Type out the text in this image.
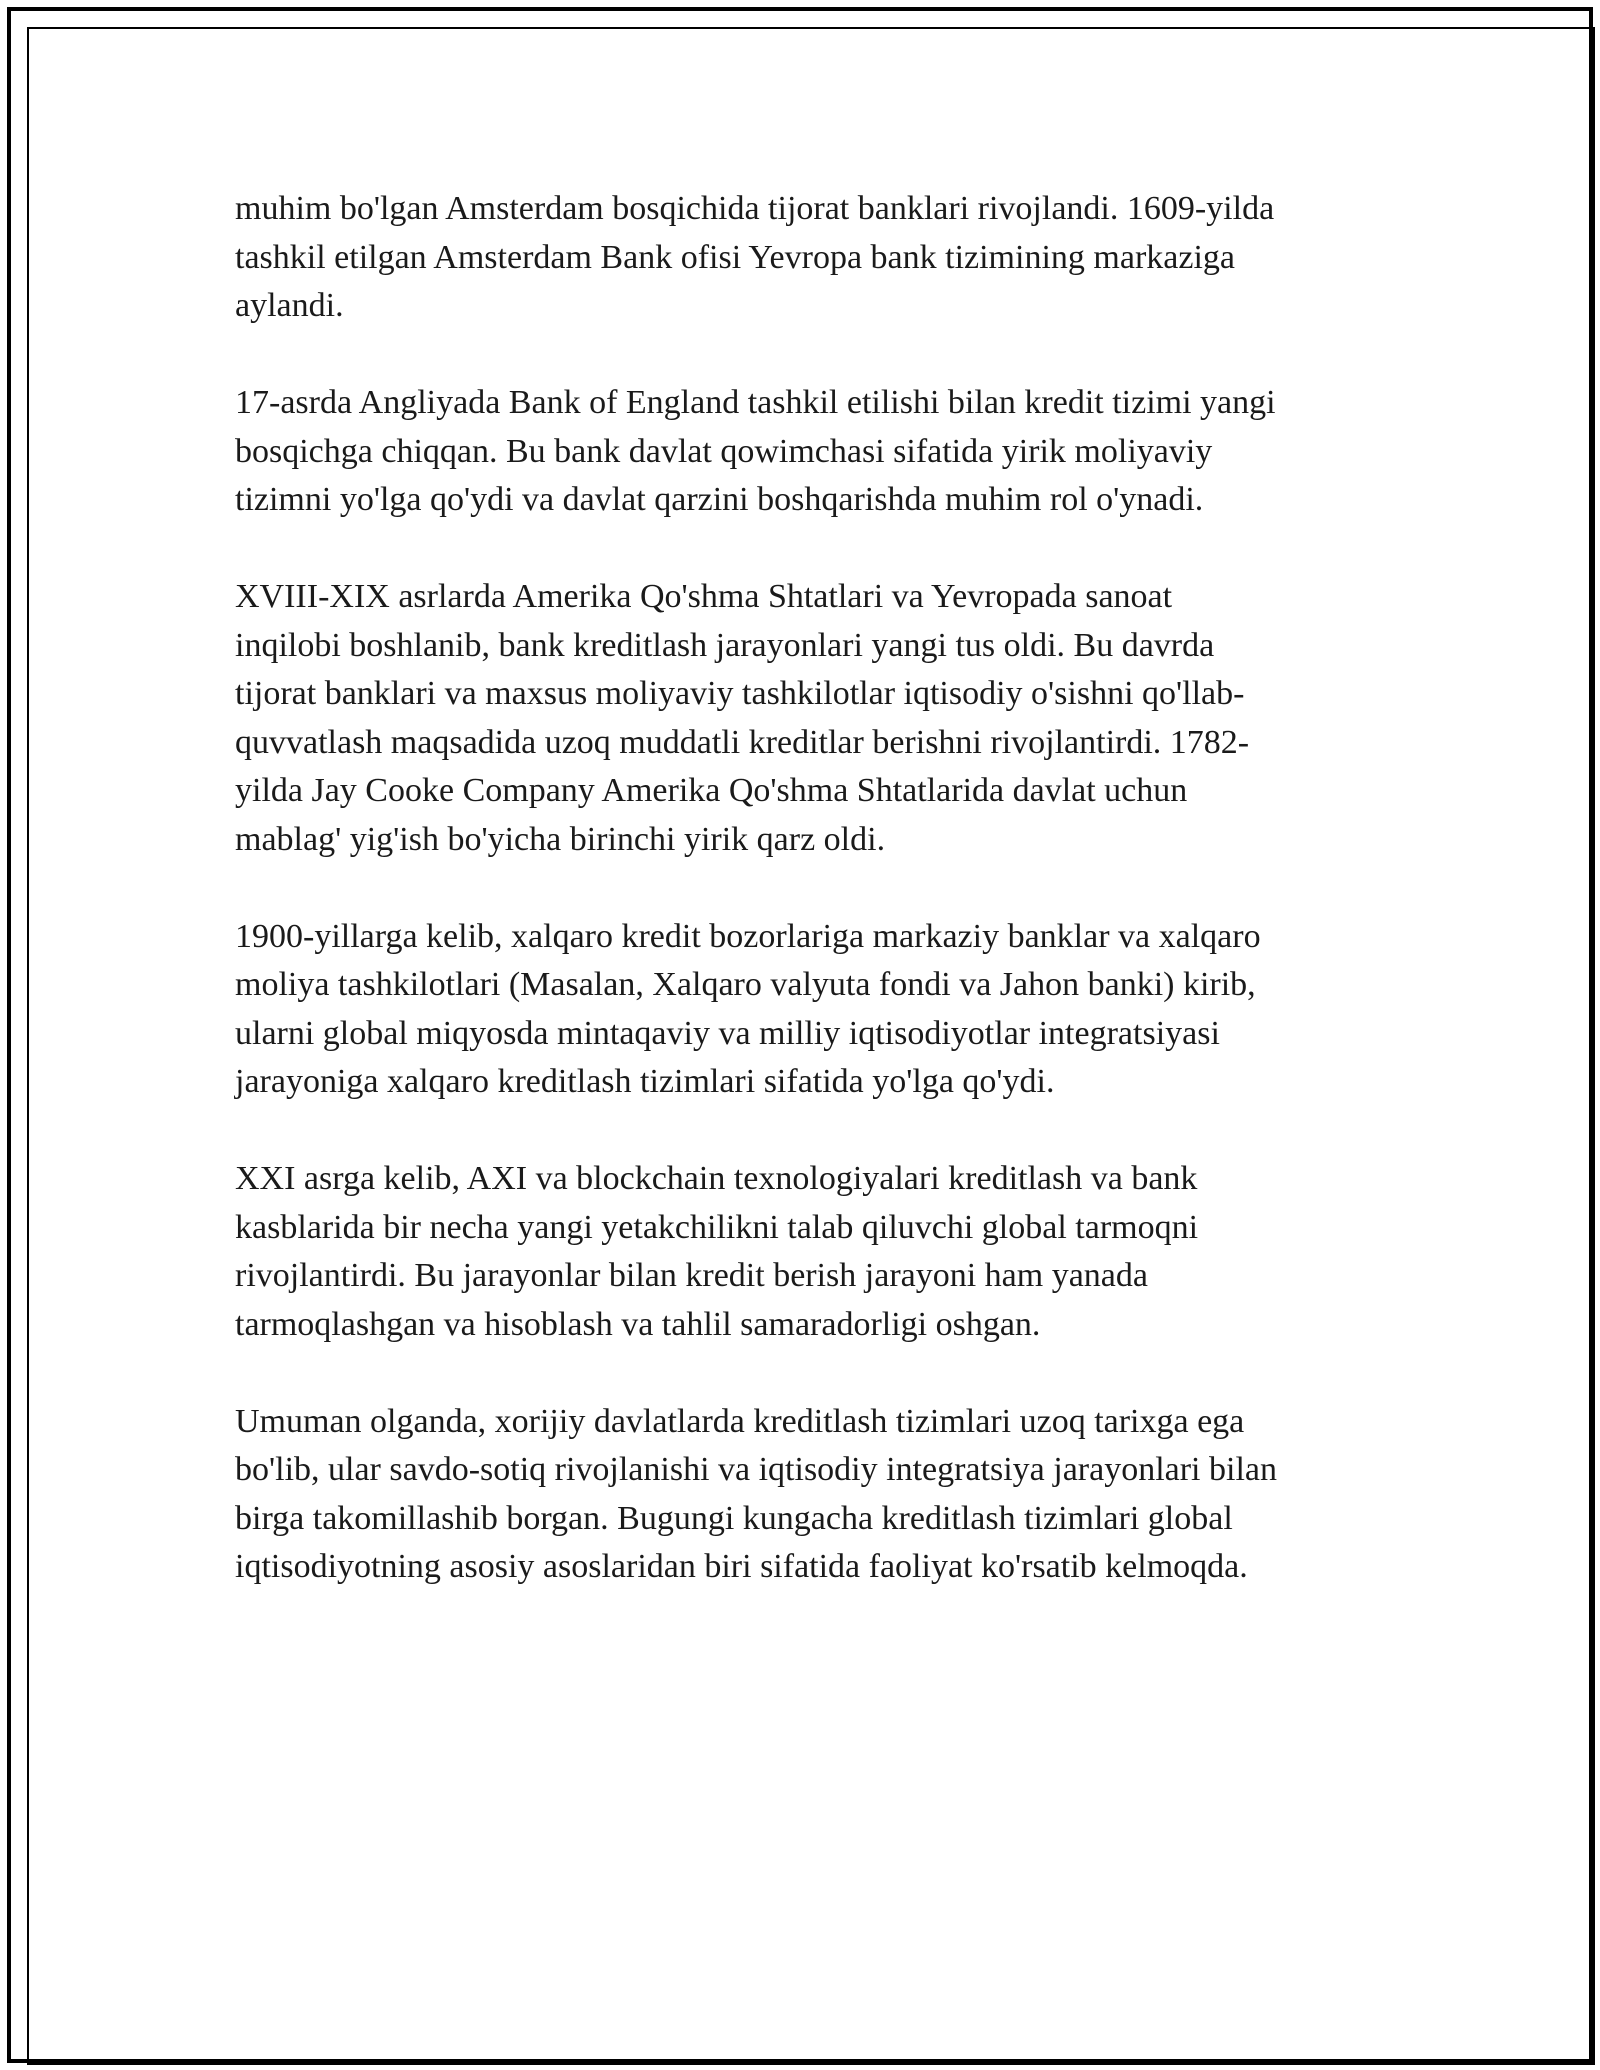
muhim bo'lgan Amsterdam bosqichida tijorat banklari rivojlandi. 1609-yilda
tashkil etilgan Amsterdam Bank ofisi Yevropa bank tizimining markaziga
aylandi.

17-asrda Angliyada Bank of England tashkil etilishi bilan kredit tizimi yangi
bosqichga chiqqan. Bu bank davlat qowimchasi sifatida yirik moliyaviy
tizimni yo'lga qo'ydi va davlat qarzini boshqarishda muhim rol o'ynadi.

XVIII-XIX asrlarda Amerika Qo'shma Shtatlari va Yevropada sanoat
inqilobi boshlanib, bank kreditlash jarayonlari yangi tus oldi. Bu davrda
tijorat banklari va maxsus moliyaviy tashkilotlar iqtisodiy o'sishni qo'llab-
quvvatlash maqsadida uzoq muddatli kreditlar berishni rivojlantirdi. 1782-
yilda Jay Cooke Company Amerika Qo'shma Shtatlarida davlat uchun
mablag' yig'ish bo'yicha birinchi yirik qarz oldi.

1900-yillarga kelib, xalqaro kredit bozorlariga markaziy banklar va xalqaro
moliya tashkilotlari (Masalan, Xalqaro valyuta fondi va Jahon banki) kirib,
ularni global miqyosda mintaqaviy va milliy iqtisodiyotlar integratsiyasi
jarayoniga xalqaro kreditlash tizimlari sifatida yo'lga qo'ydi.

XXI asrga kelib, AXI va blockchain texnologiyalari kreditlash va bank
kasblarida bir necha yangi yetakchilikni talab qiluvchi global tarmoqni
rivojlantirdi. Bu jarayonlar bilan kredit berish jarayoni ham yanada
tarmoqlashgan va hisoblash va tahlil samaradorligi oshgan.

Umuman olganda, xorijiy davlatlarda kreditlash tizimlari uzoq tarixga ega
bo'lib, ular savdo-sotiq rivojlanishi va iqtisodiy integratsiya jarayonlari bilan
birga takomillashib borgan. Bugungi kungacha kreditlash tizimlari global
iqtisodiyotning asosiy asoslaridan biri sifatida faoliyat ko'rsatib kelmoqda.
